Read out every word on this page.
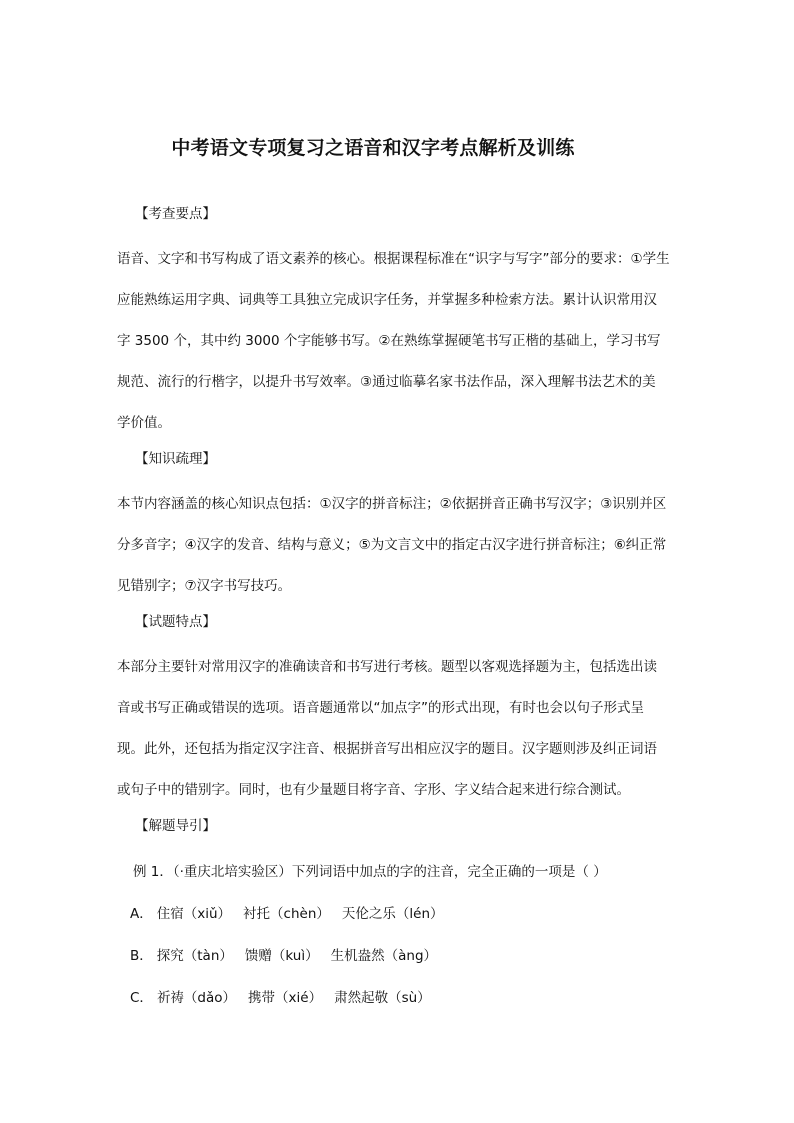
中考语文专项复习之语音和汉字考点解析及训练
【考查要点】
语音、文字和书写构成了语文素养的核心。根据课程标准在“识字与写字”部分的要求：①学生
应能熟练运用字典、词典等工具独立完成识字任务，并掌握多种检索方法。累计认识常用汉
字 3500 个，其中约 3000 个字能够书写。②在熟练掌握硬笔书写正楷的基础上，学习书写
规范、流行的行楷字，以提升书写效率。③通过临摹名家书法作品，深入理解书法艺术的美
学价值。
【知识疏理】
本节内容涵盖的核心知识点包括：①汉字的拼音标注；②依据拼音正确书写汉字；③识别并区
分多音字；④汉字的发音、结构与意义；⑤为文言文中的指定古汉字进行拼音标注；⑥纠正常
见错别字；⑦汉字书写技巧。
【试题特点】
本部分主要针对常用汉字的准确读音和书写进行考核。题型以客观选择题为主，包括选出读
音或书写正确或错误的选项。语音题通常以“加点字”的形式出现，有时也会以句子形式呈
现。此外，还包括为指定汉字注音、根据拼音写出相应汉字的题目。汉字题则涉及纠正词语
或句子中的错别字。同时，也有少量题目将字音、字形、字义结合起来进行综合测试。
【解题导引】
例 1．（·重庆北培实验区）下列词语中加点的字的注音，完全正确的一项是（ ）
A． 住宿（xiǔ） 衬托（chèn） 天伦之乐（lén）
B． 探究（tàn） 馈赠（kuì） 生机盎然（àng）
C． 祈祷（dǎo） 携带（xié） 肃然起敬（sù）
